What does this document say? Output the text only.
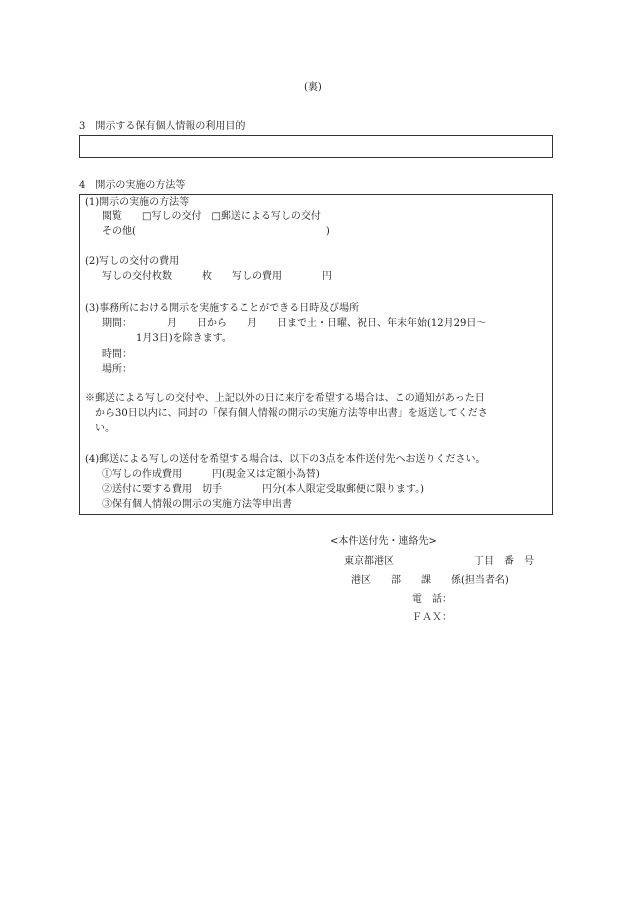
(裏)
3　開示する保有個人情報の利用目的
4　開示の実施の方法等
(1)開示の実施の方法等
閲覧　　□写しの交付　□郵送による写しの交付
その他(　　　　　　　　　　　　　　　　　　　)
(2)写しの交付の費用
写しの交付枚数　　　枚　　写しの費用　　　　円
(3)事務所における開示を実施することができる日時及び場所
期間：　　　　月　　日から　　月　　日まで土・日曜、祝日、年末年始(12月29日～
1月3日)を除きます。
時間：
場所：
※郵送による写しの交付や、上記以外の日に来庁を希望する場合は、この通知があった日
から30日以内に、同封の「保有個人情報の開示の実施方法等申出書」を返送してくださ
い。
(4)郵送による写しの送付を希望する場合は、以下の3点を本件送付先へお送りください。
①写しの作成費用　　　円(現金又は定額小為替)
②送付に要する費用　切手　　　　円分(本人限定受取郵便に限ります。)
③保有個人情報の開示の実施方法等申出書
<本件送付先・連絡先>
東京都港区　　　　　　　　丁目　番　号
港区　　部　　課　　係(担当者名)
電　話：
ＦＡＸ：
